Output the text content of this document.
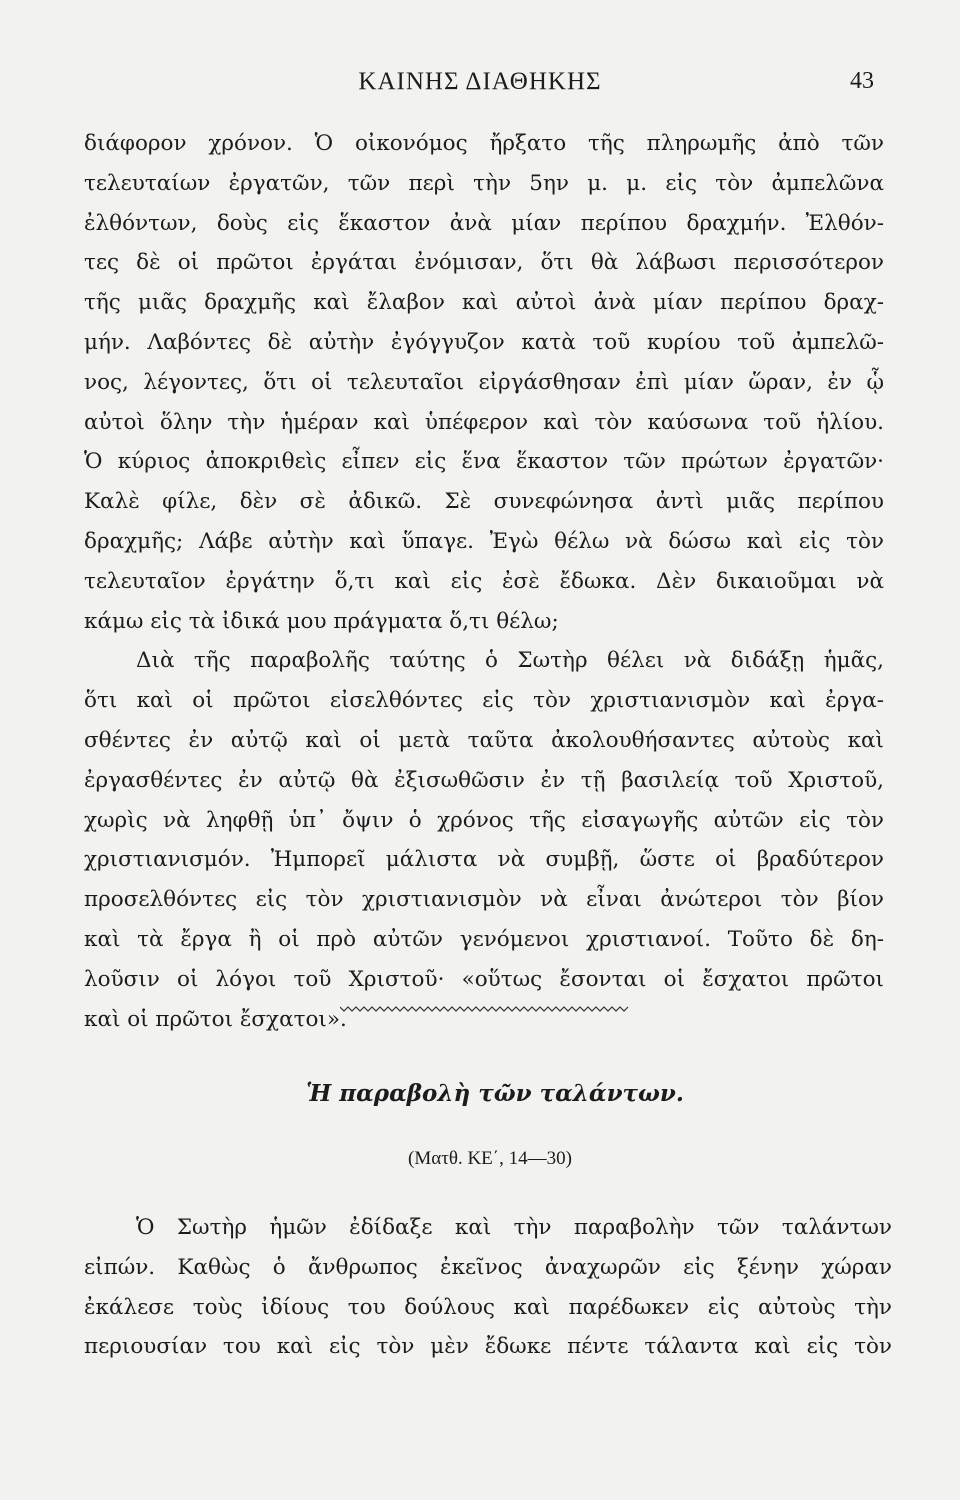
ΚΑΙΝΗΣ ΔΙΑΘΗΚΗΣ	43
διάφορον χρόνον. Ὁ οἰκονόμος ἤρξατο τῆς πληρωμῆς ἀπὸ τῶν
τελευταίων ἐργατῶν, τῶν περὶ τὴν 5ην μ. μ. εἰς τὸν ἀμπελῶνα
ἐλθόντων, δοὺς εἰς ἕκαστον ἀνὰ μίαν περίπου δραχμήν. Ἐλθόν-
τες δὲ οἱ πρῶτοι ἐργάται ἐνόμισαν, ὅτι θὰ λάβωσι περισσότερον
τῆς μιᾶς δραχμῆς καὶ ἔλαβον καὶ αὐτοὶ ἀνὰ μίαν περίπου δραχ-
μήν. Λαβόντες δὲ αὐτὴν ἐγόγγυζον κατὰ τοῦ κυρίου τοῦ ἀμπελῶ-
νος, λέγοντες, ὅτι οἱ τελευταῖοι εἰργάσθησαν ἐπὶ μίαν ὥραν, ἐν ᾧ
αὐτοὶ ὅλην τὴν ἡμέραν καὶ ὑπέφερον καὶ τὸν καύσωνα τοῦ ἡλίου.
Ὁ κύριος ἀποκριθεὶς εἶπεν εἰς ἕνα ἕκαστον τῶν πρώτων ἐργατῶν·
Καλὲ φίλε, δὲν σὲ ἀδικῶ. Σὲ συνεφώνησα ἀντὶ μιᾶς περίπου
δραχμῆς; Λάβε αὐτὴν καὶ ὕπαγε. Ἐγὼ θέλω νὰ δώσω καὶ εἰς τὸν
τελευταῖον ἐργάτην ὅ,τι καὶ εἰς ἐσὲ ἔδωκα. Δὲν δικαιοῦμαι νὰ
κάμω εἰς τὰ ἰδικά μου πράγματα ὅ,τι θέλω;
Διὰ τῆς παραβολῆς ταύτης ὁ Σωτὴρ θέλει νὰ διδάξῃ ἡμᾶς,
ὅτι καὶ οἱ πρῶτοι εἰσελθόντες εἰς τὸν χριστιανισμὸν καὶ ἐργα-
σθέντες ἐν αὐτῷ καὶ οἱ μετὰ ταῦτα ἀκολουθήσαντες αὐτοὺς καὶ
ἐργασθέντες ἐν αὐτῷ θὰ ἐξισωθῶσιν ἐν τῇ βασιλείᾳ τοῦ Χριστοῦ,
χωρὶς νὰ ληφθῇ ὑπ᾽ ὄψιν ὁ χρόνος τῆς εἰσαγωγῆς αὐτῶν εἰς τὸν
χριστιανισμόν. Ἠμπορεῖ μάλιστα νὰ συμβῇ, ὥστε οἱ βραδύτερον
προσελθόντες εἰς τὸν χριστιανισμὸν νὰ εἶναι ἀνώτεροι τὸν βίον
καὶ τὰ ἔργα ἢ οἱ πρὸ αὐτῶν γενόμενοι χριστιανοί. Τοῦτο δὲ δη-
λοῦσιν οἱ λόγοι τοῦ Χριστοῦ· «οὕτως ἔσονται οἱ ἔσχατοι πρῶτοι
καὶ οἱ πρῶτοι ἔσχατοι».
Ἡ παραβολὴ τῶν ταλάντων.
(Ματθ. ΚΕ΄, 14—30)
Ὁ Σωτὴρ ἡμῶν ἐδίδαξε καὶ τὴν παραβολὴν τῶν ταλάντων
εἰπών. Καθὼς ὁ ἄνθρωπος ἐκεῖνος ἀναχωρῶν εἰς ξένην χώραν
ἐκάλεσε τοὺς ἰδίους του δούλους καὶ παρέδωκεν εἰς αὐτοὺς τὴν
περιουσίαν του καὶ εἰς τὸν μὲν ἔδωκε πέντε τάλαντα καὶ εἰς τὸν
